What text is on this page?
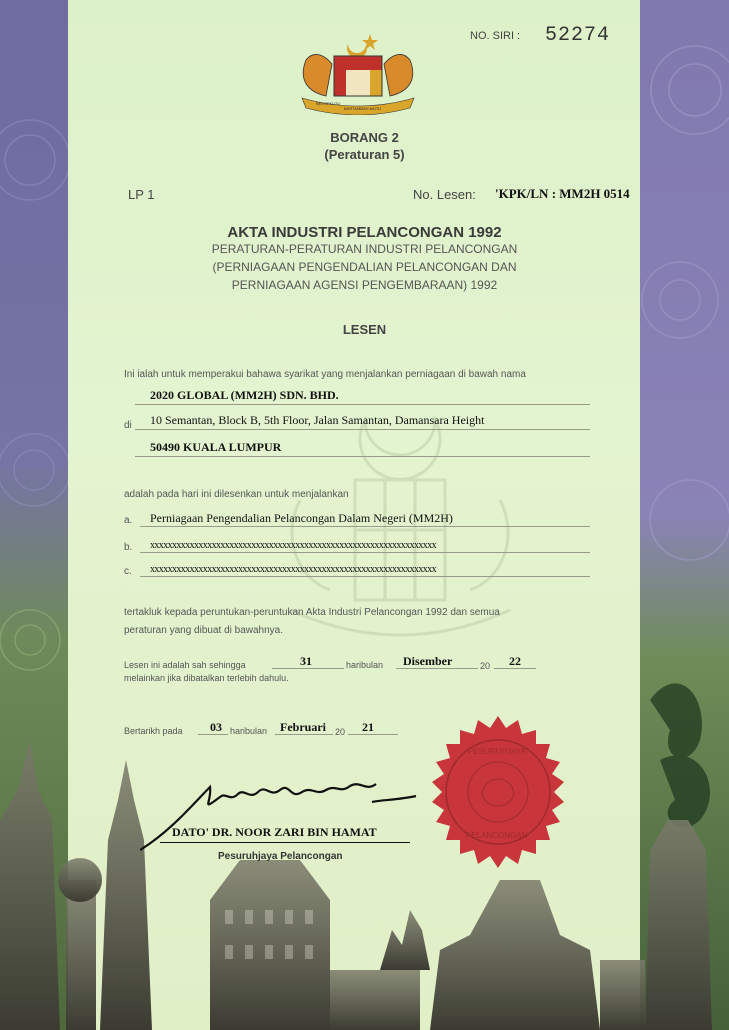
BERSEKUTU
BERTAMBAH MUTU
NO. SIRI : 52274
BORANG 2
(Peraturan 5)
LP 1	No. Lesen: 'KPK/LN : MM2H 0514
AKTA INDUSTRI PELANCONGAN 1992
PERATURAN-PERATURAN INDUSTRI PELANCONGAN
(PERNIAGAAN PENGENDALIAN PELANCONGAN DAN
PERNIAGAAN AGENSI PENGEMBARAAN) 1992
LESEN
Ini ialah untuk memperakui bahawa syarikat yang menjalankan perniagaan di bawah nama
2020 GLOBAL (MM2H) SDN. BHD.
di 10 Semantan, Block B, 5th Floor, Jalan Samantan, Damansara Height
50490 KUALA LUMPUR
adalah pada hari ini dilesenkan untuk menjalankan
a. Perniagaan Pengendalian Pelancongan Dalam Negeri (MM2H)
b. xxxxxxxxxxxxxxxxxxxxxxxxxxxxxxxxxxxxxxxxxxxxxxxxxxxxxxxxxxxxxxxxx
c. xxxxxxxxxxxxxxxxxxxxxxxxxxxxxxxxxxxxxxxxxxxxxxxxxxxxxxxxxxxxxxxxx
tertakluk kepada peruntukan-peruntukan Akta Industri Pelancongan 1992 dan semua
peraturan yang dibuat di bawahnya.
Lesen ini adalah sah sehingga	31	haribulan Disember	20 22
melainkan jika dibatalkan terlebih dahulu.
Bertarikh pada 03 haribulan Februari 20 21
PESURUHJAYA
PELANCONGAN
DATO' DR. NOOR ZARI BIN HAMAT
Pesuruhjaya Pelancongan
